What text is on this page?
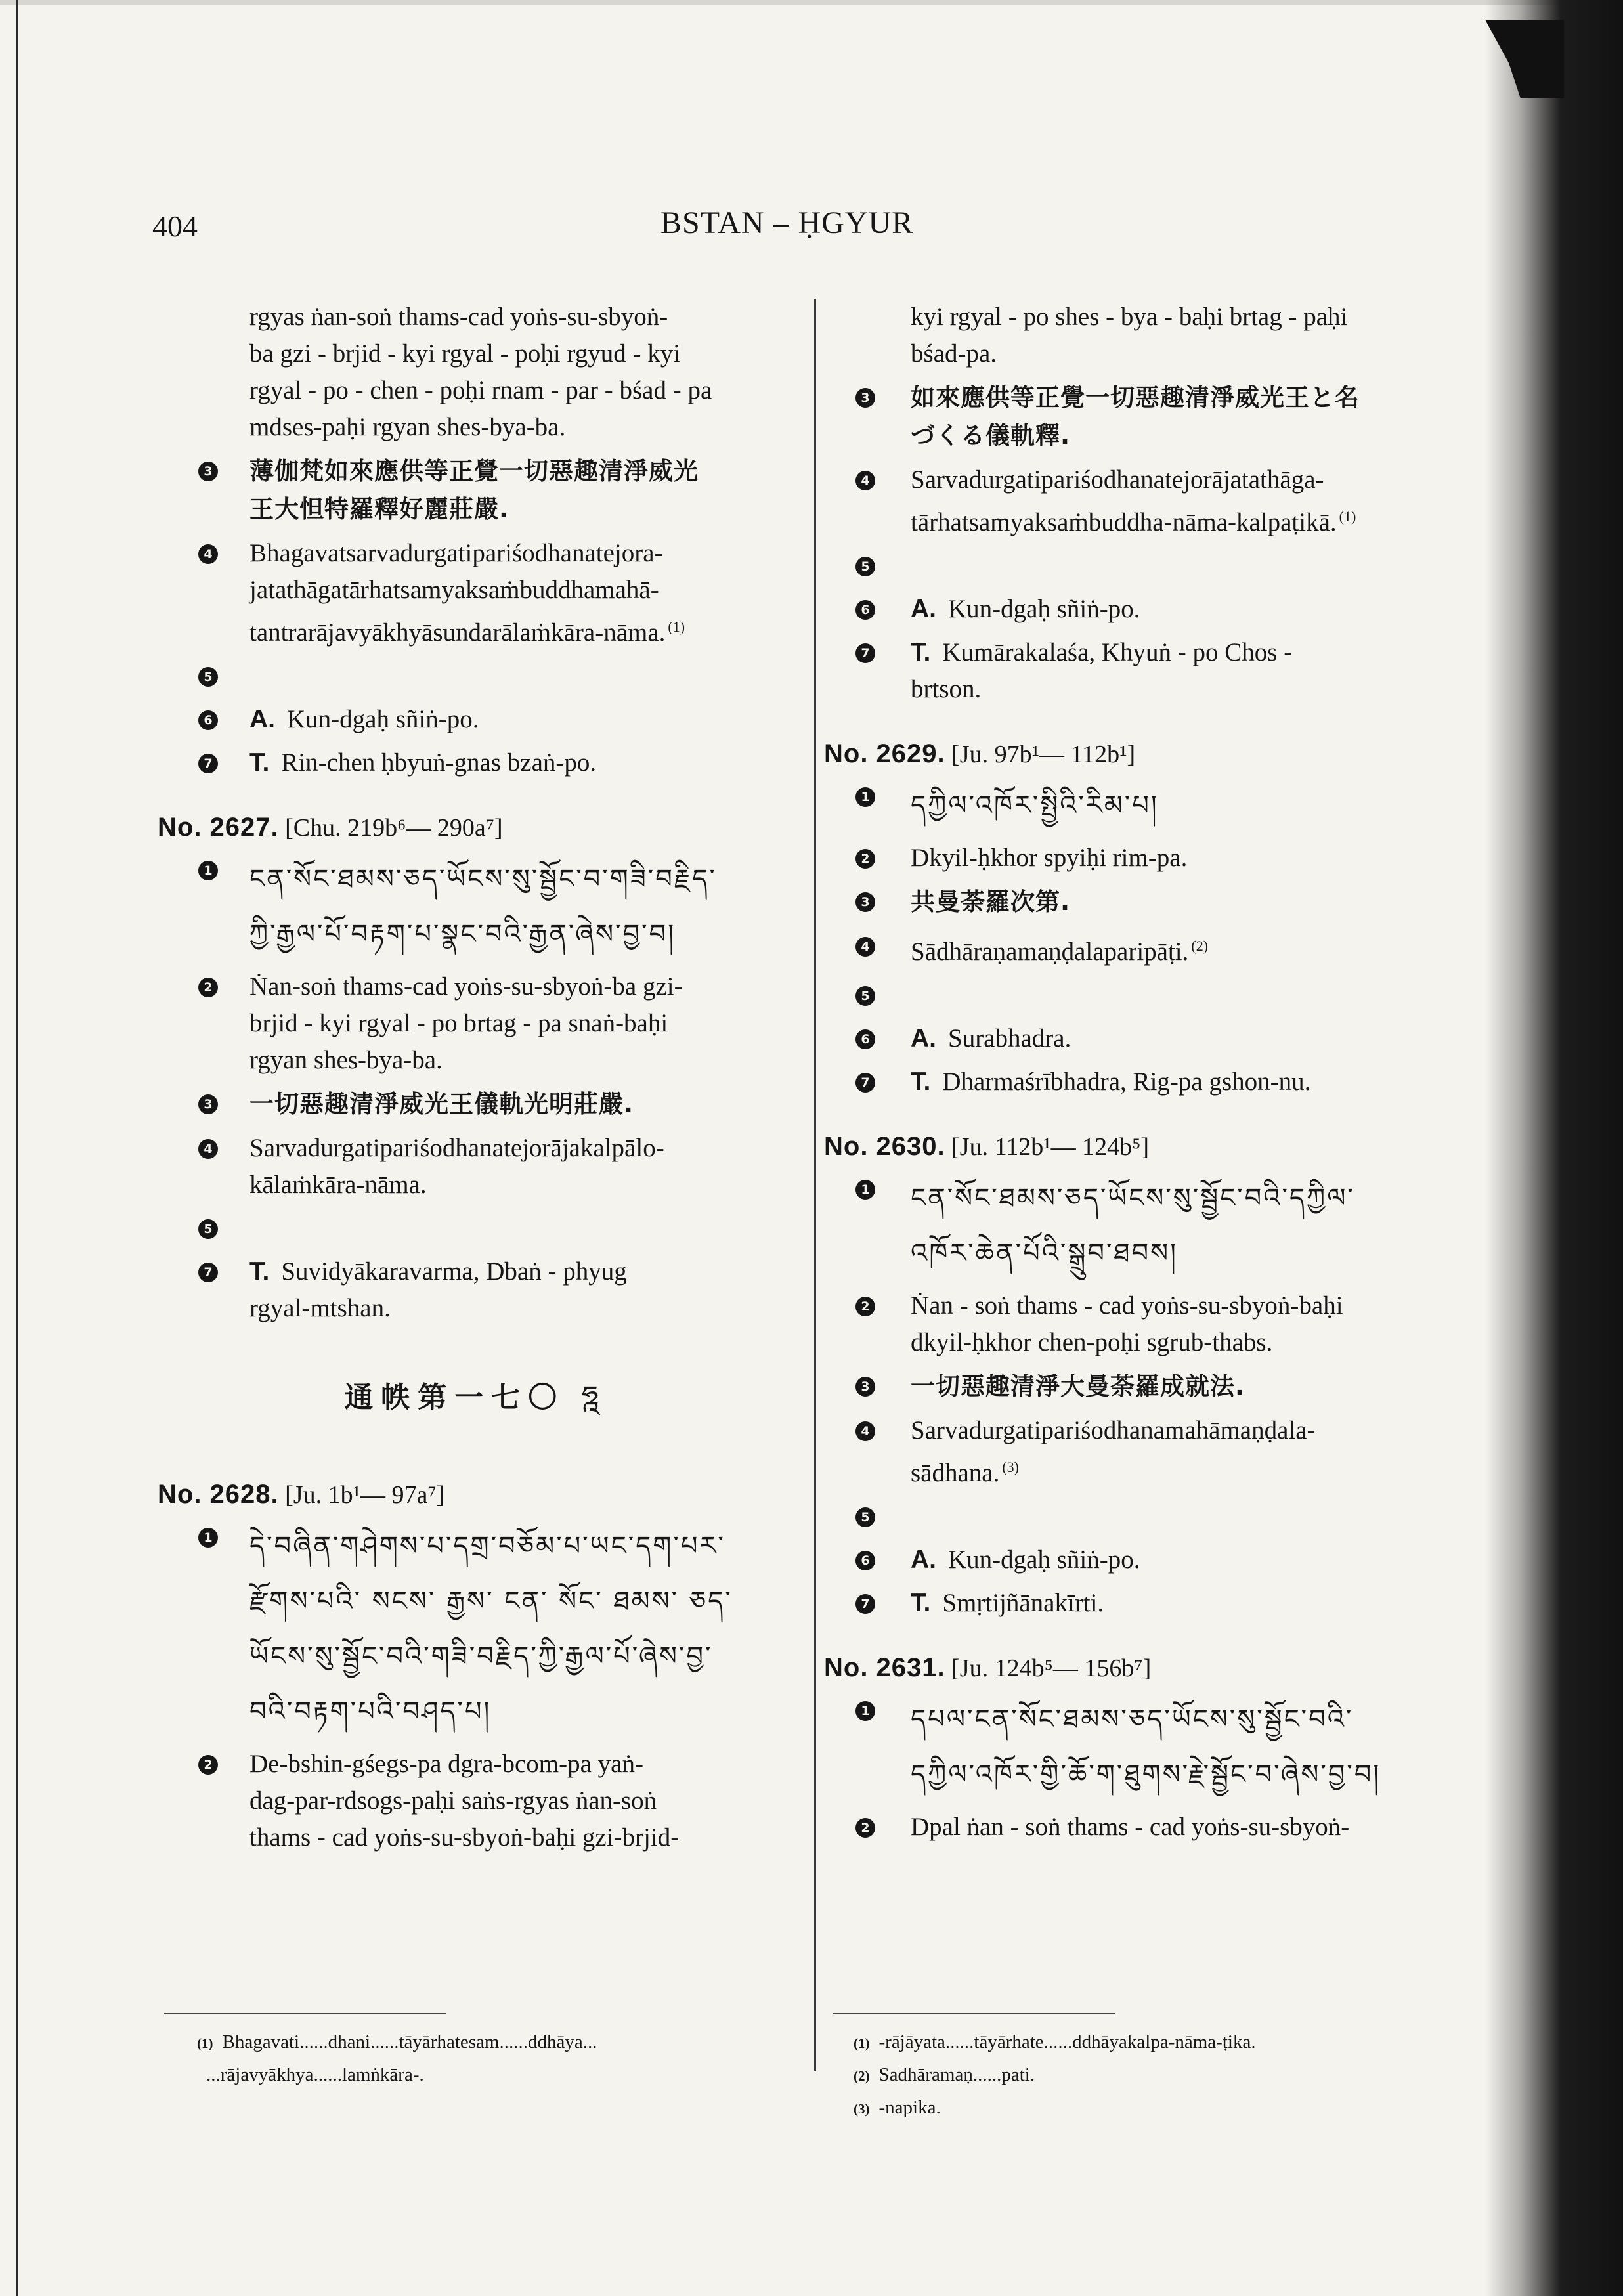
404	BSTAN – ḤGYUR
rgyas ṅan-soṅ thams-cad yoṅs-su-sbyoṅ-
ba gzi - brjid - kyi rgyal - poḥi rgyud - kyi
rgyal - po - chen - poḥi rnam - par - bśad - pa
mdses-paḥi rgyan shes-bya-ba.
3 薄伽梵如來應供等正覺一切惡趣清淨威光
王大怛特羅釋好麗莊嚴.
4 Bhagavatsarvadurgatipariśodhanatejora-
jatathāgatārhatsamyaksaṁbuddhamahā-
tantrarājavyākhyāsundarālaṁkāra-nāma. $^{(1)}$
5

6 A. Kun-dgaḥ sñiṅ-po.
7 T. Rin-chen ḥbyuṅ-gnas bzaṅ-po.
No. 2627. [Chu. 219b⁶— 290a⁷]
1 ངན་སོང་ཐམས་ཅད་ཡོངས་སུ་སྦྱོང་བ་གཟི་བརྗིད་
ཀྱི་རྒྱལ་པོ་བརྟག་པ་སྣང་བའི་རྒྱན་ཞེས་བྱ་བ།
2 Ṅan-soṅ thams-cad yoṅs-su-sbyoṅ-ba gzi-
brjid - kyi rgyal - po brtag - pa snaṅ-baḥi
rgyan shes-bya-ba.
3 一切惡趣清淨威光王儀軌光明莊嚴.
4 Sarvadurgatipariśodhanatejorājakalpālo-
kālaṁkāra-nāma.
5

7 T. Suvidyākaravarma, Dbaṅ - phyug
rgyal-mtshan.
通帙第一七〇 ཧྰ
No. 2628. [Ju. 1b¹— 97a⁷]
1 དེ་བཞིན་གཤེགས་པ་དགྲ་བཅོམ་པ་ཡང་དག་པར་
རྫོགས་པའི་ སངས་ རྒྱས་ ངན་ སོང་ ཐམས་ ཅད་
ཡོངས་སུ་སྦྱོང་བའི་གཟི་བརྗིད་ཀྱི་རྒྱལ་པོ་ཞེས་བྱ་
བའི་བརྟག་པའི་བཤད་པ།
2 De-bshin-gśegs-pa dgra-bcom-pa yaṅ-
dag-par-rdsogs-paḥi saṅs-rgyas ṅan-soṅ
thams - cad yoṅs-su-sbyoṅ-baḥi gzi-brjid-
kyi rgyal - po shes - bya - baḥi brtag - paḥi
bśad-pa.
3 如來應供等正覺一切惡趣清淨威光王と名
づくる儀軌釋.
4 Sarvadurgatipariśodhanatejorājatathāga-
tārhatsamyaksaṁbuddha-nāma-kalpaṭikā. $^{(1)}$
5

6 A. Kun-dgaḥ sñiṅ-po.
7 T. Kumārakalaśa, Khyuṅ - po Chos -
brtson.
No. 2629. [Ju. 97b¹— 112b¹]
1 དཀྱིལ་འཁོར་སྤྱིའི་རིམ་པ།
2 Dkyil-ḥkhor spyiḥi rim-pa.
3 共曼荼羅次第.
4 Sādhāraṇamaṇḍalaparipāṭi. $^{(2)}$
5

6 A. Surabhadra.
7 T. Dharmaśrībhadra, Rig-pa gshon-nu.
No. 2630. [Ju. 112b¹— 124b⁵]
1 ངན་སོང་ཐམས་ཅད་ཡོངས་སུ་སྦྱོང་བའི་དཀྱིལ་
འཁོར་ཆེན་པོའི་སྒྲུབ་ཐབས།
2 Ṅan - soṅ thams - cad yoṅs-su-sbyoṅ-baḥi
dkyil-ḥkhor chen-poḥi sgrub-thabs.
3 一切惡趣清淨大曼荼羅成就法.
4 Sarvadurgatipariśodhanamahāmaṇḍala-
sādhana. $^{(3)}$
5

6 A. Kun-dgaḥ sñiṅ-po.
7 T. Smṛtijñānakīrti.
No. 2631. [Ju. 124b⁵— 156b⁷]
1 དཔལ་ངན་སོང་ཐམས་ཅད་ཡོངས་སུ་སྦྱོང་བའི་
དཀྱིལ་འཁོར་གྱི་ཆོ་ག་ཐུགས་རྗེ་སྦྱོང་བ་ཞེས་བྱ་བ།
2 Dpal ṅan - soṅ thams - cad yoṅs-su-sbyoṅ-
(1) Bhagavati......dhani......tāyārhatesam......ddhāya...
...rājavyākhya......lamṅkāra-.
(1) -rājāyata......tāyārhate......ddhāyakalpa-nāma-ṭika.
(2) Sadhāramaṇ......pati.
(3) -napika.
